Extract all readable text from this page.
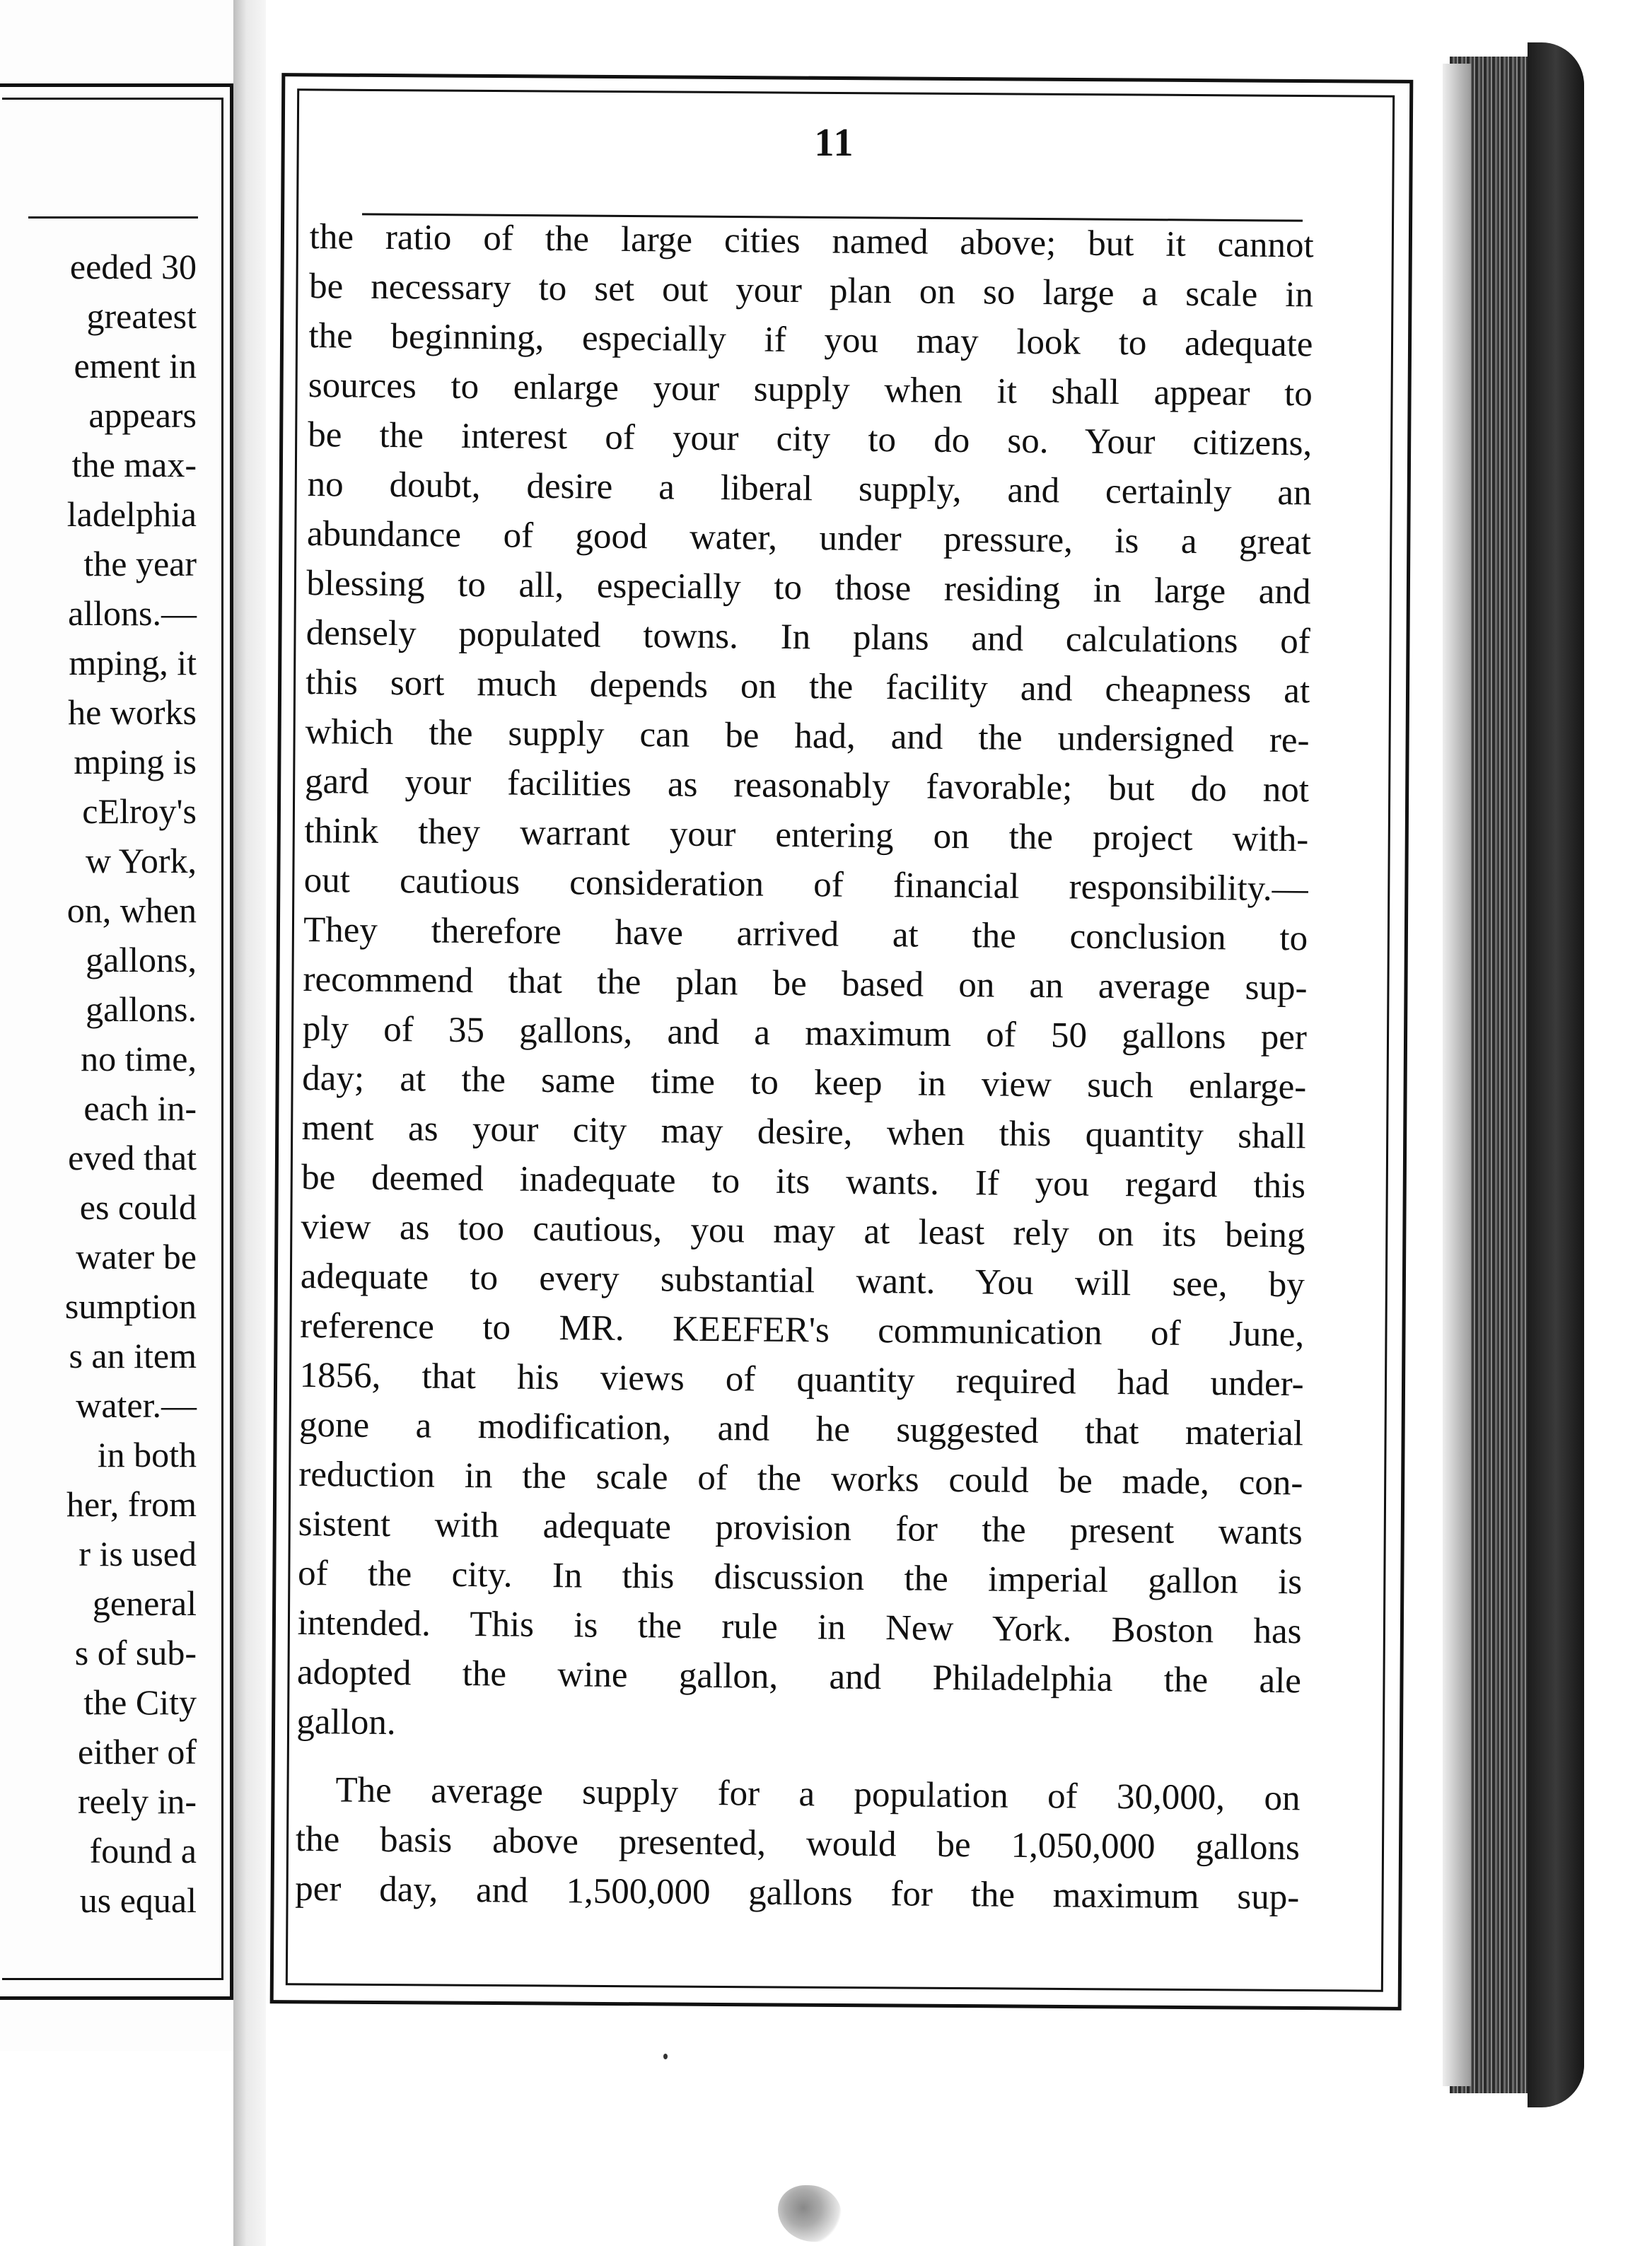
eeded 30
greatest
ement in
appears
the max-
ladelphia
the year
allons.—
mping, it
he works
mping is
cElroy's
w York,
on, when
gallons,
gallons.
no time,
each in-
eved that
es could
water be
sumption
s an item
water.—
in both
her, from
r is used
general
s of sub-
the City
either of
reely in-
found a
us equal
11
the ratio of the large cities named above; but it cannot
be necessary to set out your plan on so large a scale in
the beginning, especially if you may look to adequate
sources to enlarge your supply when it shall appear to
be the interest of your city to do so. Your citizens,
no doubt, desire a liberal supply, and certainly an
abundance of good water, under pressure, is a great
blessing to all, especially to those residing in large and
densely populated towns. In plans and calculations of
this sort much depends on the facility and cheapness at
which the supply can be had, and the undersigned re-
gard your facilities as reasonably favorable; but do not
think they warrant your entering on the project with-
out cautious consideration of financial responsibility.—
They therefore have arrived at the conclusion to
recommend that the plan be based on an average sup-
ply of 35 gallons, and a maximum of 50 gallons per
day; at the same time to keep in view such enlarge-
ment as your city may desire, when this quantity shall
be deemed inadequate to its wants. If you regard this
view as too cautious, you may at least rely on its being
adequate to every substantial want. You will see, by
reference to MR. KEEFER's communication of June,
1856, that his views of quantity required had under-
gone a modification, and he suggested that material
reduction in the scale of the works could be made, con-
sistent with adequate provision for the present wants
of the city. In this discussion the imperial gallon is
intended. This is the rule in New York. Boston has
adopted the wine gallon, and Philadelphia the ale
gallon.
The average supply for a population of 30,000, on
the basis above presented, would be 1,050,000 gallons
per day, and 1,500,000 gallons for the maximum sup-
